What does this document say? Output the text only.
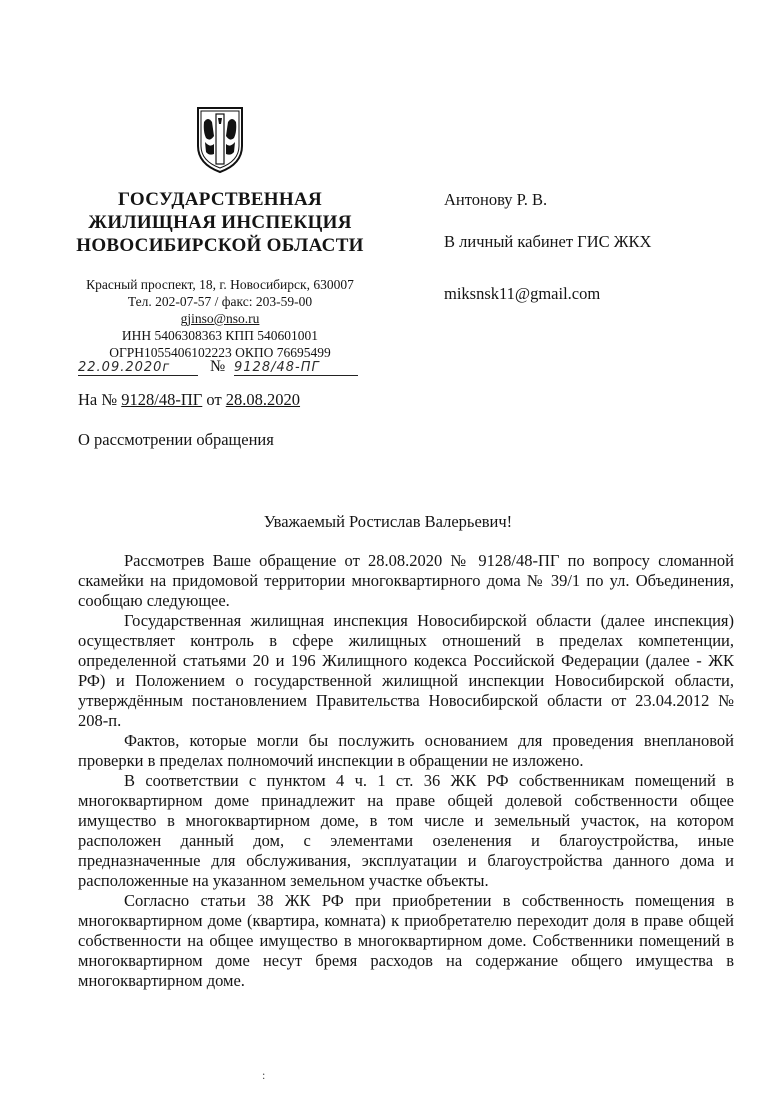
ГОСУДАРСТВЕННАЯ
ЖИЛИЩНАЯ ИНСПЕКЦИЯ
НОВОСИБИРСКОЙ ОБЛАСТИ
Красный проспект, 18, г. Новосибирск, 630007
Тел. 202-07-57 / факс: 203-59-00
gjinso@nso.ru
ИНН 5406308363 КПП 540601001
ОГРН1055406102223 ОКПО 76695499
22.09.2020г	№ 9128/48-ПГ
На № 9128/48-ПГ от 28.08.2020
О рассмотрении обращения
Антонову Р. В.
В личный кабинет ГИС ЖКХ
miksnsk11@gmail.com
Уважаемый Ростислав Валерьевич!

Рассмотрев Ваше обращение от 28.08.2020 № 9128/48-ПГ по вопросу сломанной скамейки на придомовой территории многоквартирного дома № 39/1 по ул. Объединения, сообщаю следующее.

Государственная жилищная инспекция Новосибирской области (далее инспекция) осуществляет контроль в сфере жилищных отношений в пределах компетенции, определенной статьями 20 и 196 Жилищного кодекса Российской Федерации (далее - ЖК РФ) и Положением о государственной жилищной инспекции Новосибирской области, утверждённым постановлением Правительства Новосибирской области от 23.04.2012 № 208-п.

Фактов, которые могли бы послужить основанием для проведения внеплановой проверки в пределах полномочий инспекции в обращении не изложено.

В соответствии с пунктом 4 ч. 1 ст. 36 ЖК РФ собственникам помещений в многоквартирном доме принадлежит на праве общей долевой собственности общее имущество в многоквартирном доме, в том числе и земельный участок, на котором расположен данный дом, с элементами озеленения и благоустройства, иные предназначенные для обслуживания, эксплуатации и благоустройства данного дома и расположенные на указанном земельном участке объекты.

Согласно статьи 38 ЖК РФ при приобретении в собственность помещения в многоквартирном доме (квартира, комната) к приобретателю переходит доля в праве общей собственности на общее имущество в многоквартирном доме. Собственники помещений в многоквартирном доме несут бремя расходов на содержание общего имущества в многоквартирном доме.

:
